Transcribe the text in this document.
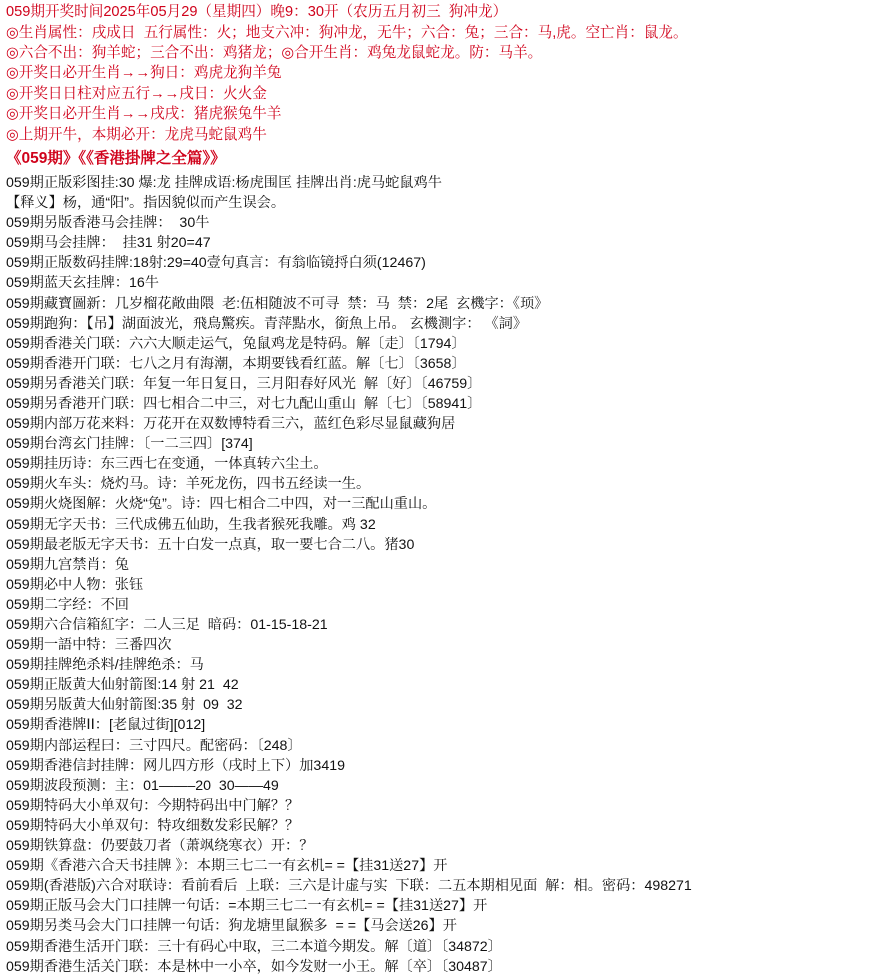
059期开奖时间2025年05月29（星期四）晚9：30开（农历五月初三  狗冲龙）
◎生肖属性：戌成日  五行属性：火；地支六冲：狗冲龙，无牛；六合：兔；三合：马,虎。空亡肖：鼠龙。
◎六合不出：狗羊蛇；三合不出：鸡猪龙；◎合开生肖：鸡兔龙鼠蛇龙。防：马羊。
◎开奖日必开生肖→→狗日：鸡虎龙狗羊兔
◎开奖日日柱对应五行→→戌日：火火金
◎开奖日必开生肖→→戌戌：猪虎猴兔牛羊
◎上期开牛，本期必开：龙虎马蛇鼠鸡牛
《059期》《《香港掛牌之全篇》》
059期正版彩图挂:30 爆:龙 挂牌成语:杨虎围匡 挂牌出肖:虎马蛇鼠鸡牛
【释义】杨，通“阳”。指因貌似而产生误会。
059期另版香港马会挂牌：  30牛
059期马会挂牌：  挂31 射20=47
059期正版数码挂牌:18射:29=40壹句真言：有翁临镜捋白须(12467)
059期蓝天玄挂牌：16牛
059期藏寶圖新：几岁榴花敞曲隈  老:伍相随波不可寻  禁：马  禁：2尾  玄機字：《顼》
059期跑狗：【吊】湖面波光，飛鳥驚疾。青萍點水，銜魚上吊。 玄機測字： 《詞》
059期香港关门联：六六大顺走运气，兔鼠鸡龙是特码。解〔走〕〔1794〕
059期香港开门联：七八之月有海潮，本期要钱看红蓝。解〔七〕〔3658〕
059期另香港关门联：年复一年日复日，三月阳春好风光  解〔好〕〔46759〕
059期另香港开门联：四七相合二中三，对七九配山重山  解〔七〕〔58941〕
059期内部万花来料：万花开在双数博特看三六，蓝红色彩尽显鼠藏狗居
059期台湾玄门挂牌：〔一二三四〕[374]
059期挂历诗：东三西七在变通，一体真转六尘土。
059期火车头：烧灼马。诗：羊死龙伤，四书五经读一生。
059期火烧图解：火烧“兔”。诗：四七相合二中四，对一三配山重山。
059期无字天书：三代成佛五仙助，生我者猴死我雕。鸡 32
059期最老版无字天书：五十白发一点真，取一要七合二八。猪30
059期九宫禁肖：兔
059期必中人物：张钰
059期二字经：不回
059期六合信箱紅字：二人三足  暗码：01-15-18-21
059期一語中特：三番四次
059期挂牌绝杀料/挂牌绝杀：马
059期正版黄大仙射箭图:14 射 21  42
059期另版黄大仙射箭图:35 射  09  32
059期香港牌ⅠⅠ：[老鼠过街][012]
059期内部运程曰：三寸四尺。配密码：〔248〕
059期香港信封挂牌：网儿四方形（戌时上下）加3419
059期波段预测：主：01——–20  30——49
059期特码大小单双句：今期特码出中门解？？
059期特码大小单双句：特攻细数发彩民解？？
059期铁算盘：仍要鼓刀者（萧飒绕寒衣）开：？
059期《香港六合天书挂牌 》：本期三七二一有玄机= =【挂31送27】开
059期(香港版)六合对联诗：看前看后  上联：三六是计虚与实  下联：二五本期相见面  解：相。密码：498271
059期正版马会大门口挂牌一句话：=本期三七二一有玄机= =【挂31送27】开
059期另类马会大门口挂牌一句话：狗龙塘里鼠猴多  = =【马会送26】开
059期香港生活开门联：三十有码心中取，三二本道今期发。解〔道〕〔34872〕
059期香港生活关门联：本是林中一小卒，如今发财一小王。解〔卒〕〔30487〕
